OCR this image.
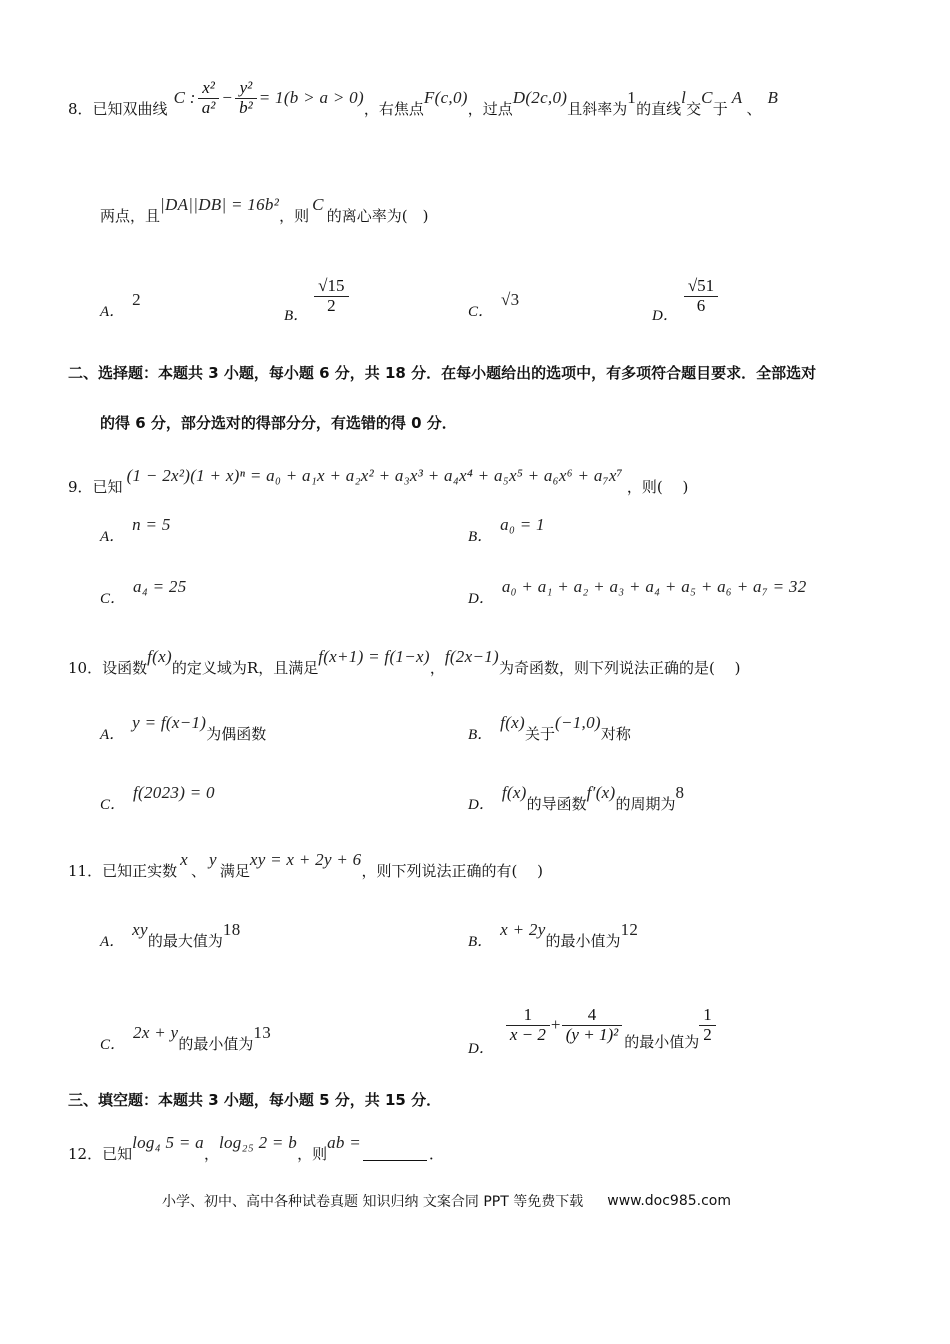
8． 已知双曲线
C : $\frac{\text{x²}}{\text{a²}} - \frac{\text{y²}}{\text{b²}} = 1(b > a > 0)$
，右焦点
F(c,0)
，过点
D(2c,0)
且斜率为
1
的直线
l
交
C
于
A
、
B
两点，且
|DA||DB| = 16b²
，则
C
的离心率为(　)
A．
2
B．
$\frac{√15}{2}$	C．
√3
D．
$\frac{√51}{6}$
二、选择题：本题共 3 小题，每小题 6 分，共 18 分．在每小题给出的选项中，有多项符合题目要求．全部选对
的得 6 分，部分选对的得部分分，有选错的得 0 分．
9． 已知
(1 − 2x²)(1 + x)ⁿ = a₀ + a₁x + a₂x² + a₃x³ + a₄x⁴ + a₅x⁵ + a₆x⁶ + a₇x⁷
，则(　 )
A．
n = 5
B．
a₀ = 1
C．
a₄ = 25
D．
a₀ + a₁ + a₂ + a₃ + a₄ + a₅ + a₆ + a₇ = 32
10． 设函数
f(x)
的定义域为R，且满足
f(x+1) = f(1−x)
，
f(2x−1)
为奇函数，则下列说法正确的是(　 )
A．
y = f(x−1)
为偶函数	B．
f(x)
关于
(−1,0)
对称
C．
f(2023) = 0
D．
f(x)
的导函数
f′(x)
的周期为
8
11． 已知正实数
x
、
y
满足
xy = x + 2y + 6
，则下列说法正确的有(　 )
A．
xy
的最大值为
18
B．
x + 2y
的最小值为
12
C．
2x + y
的最小值为
13
D．
$\frac{1}{x - 2} + \frac{4}{\text{(y + 1)²}}$ 的最小值为 $\frac{1}{2}$
三、填空题：本题共 3 小题，每小题 5 分，共 15 分．
12． 已知
log₄ 5 = a
，
log₂₅ 2 = b
，则
ab =
．
小学、初中、高中各种试卷真题 知识归纳 文案合同 PPT 等免费下载 www.doc985.com
